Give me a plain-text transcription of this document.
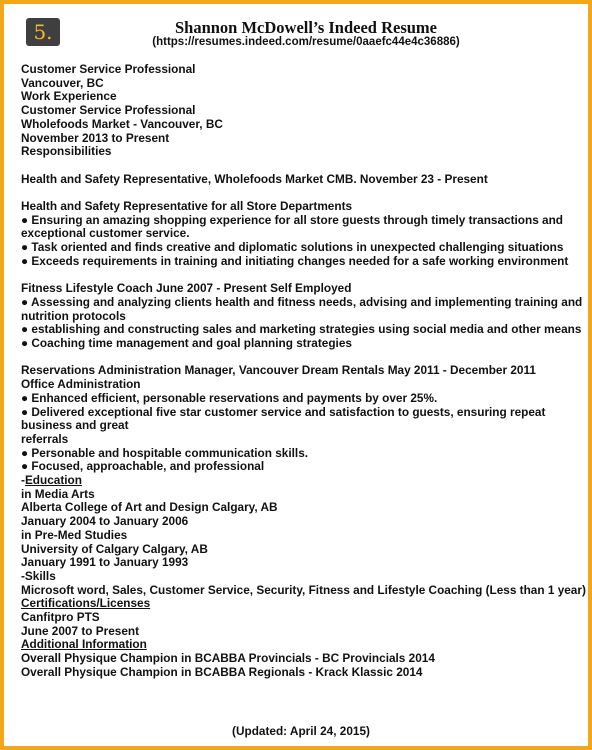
5.	Shannon McDowell’s Indeed Resume
(https://resumes.indeed.com/resume/0aaefc44e4c36886)
Customer Service Professional
Vancouver, BC
Work Experience
Customer Service Professional
Wholefoods Market - Vancouver, BC
November 2013 to Present
Responsibilities
Health and Safety Representative, Wholefoods Market CMB. November 23 - Present
Health and Safety Representative for all Store Departments
● Ensuring an amazing shopping experience for all store guests through timely transactions and exceptional customer service.
● Task oriented and finds creative and diplomatic solutions in unexpected challenging situations
● Exceeds requirements in training and initiating changes needed for a safe working environment
Fitness Lifestyle Coach June 2007 - Present Self Employed
● Assessing and analyzing clients health and fitness needs, advising and implementing training and nutrition protocols
● establishing and constructing sales and marketing strategies using social media and other means
● Coaching time management and goal planning strategies
Reservations Administration Manager, Vancouver Dream Rentals May 2011 - December 2011
Office Administration
● Enhanced efficient, personable reservations and payments by over 25%.
● Delivered exceptional five star customer service and satisfaction to guests, ensuring repeat business and great
referrals
● Personable and hospitable communication skills.
● Focused, approachable, and professional
-Education
in Media Arts
Alberta College of Art and Design Calgary, AB
January 2004 to January 2006
in Pre-Med Studies
University of Calgary Calgary, AB
January 1991 to January 1993
-Skills
Microsoft word, Sales, Customer Service, Security, Fitness and Lifestyle Coaching (Less than 1 year)
Certifications/Licenses
Canfitpro PTS
June 2007 to Present
Additional Information
Overall Physique Champion in BCABBA Provincials - BC Provincials 2014
Overall Physique Champion in BCABBA Regionals - Krack Klassic 2014
(Updated: April 24, 2015)
